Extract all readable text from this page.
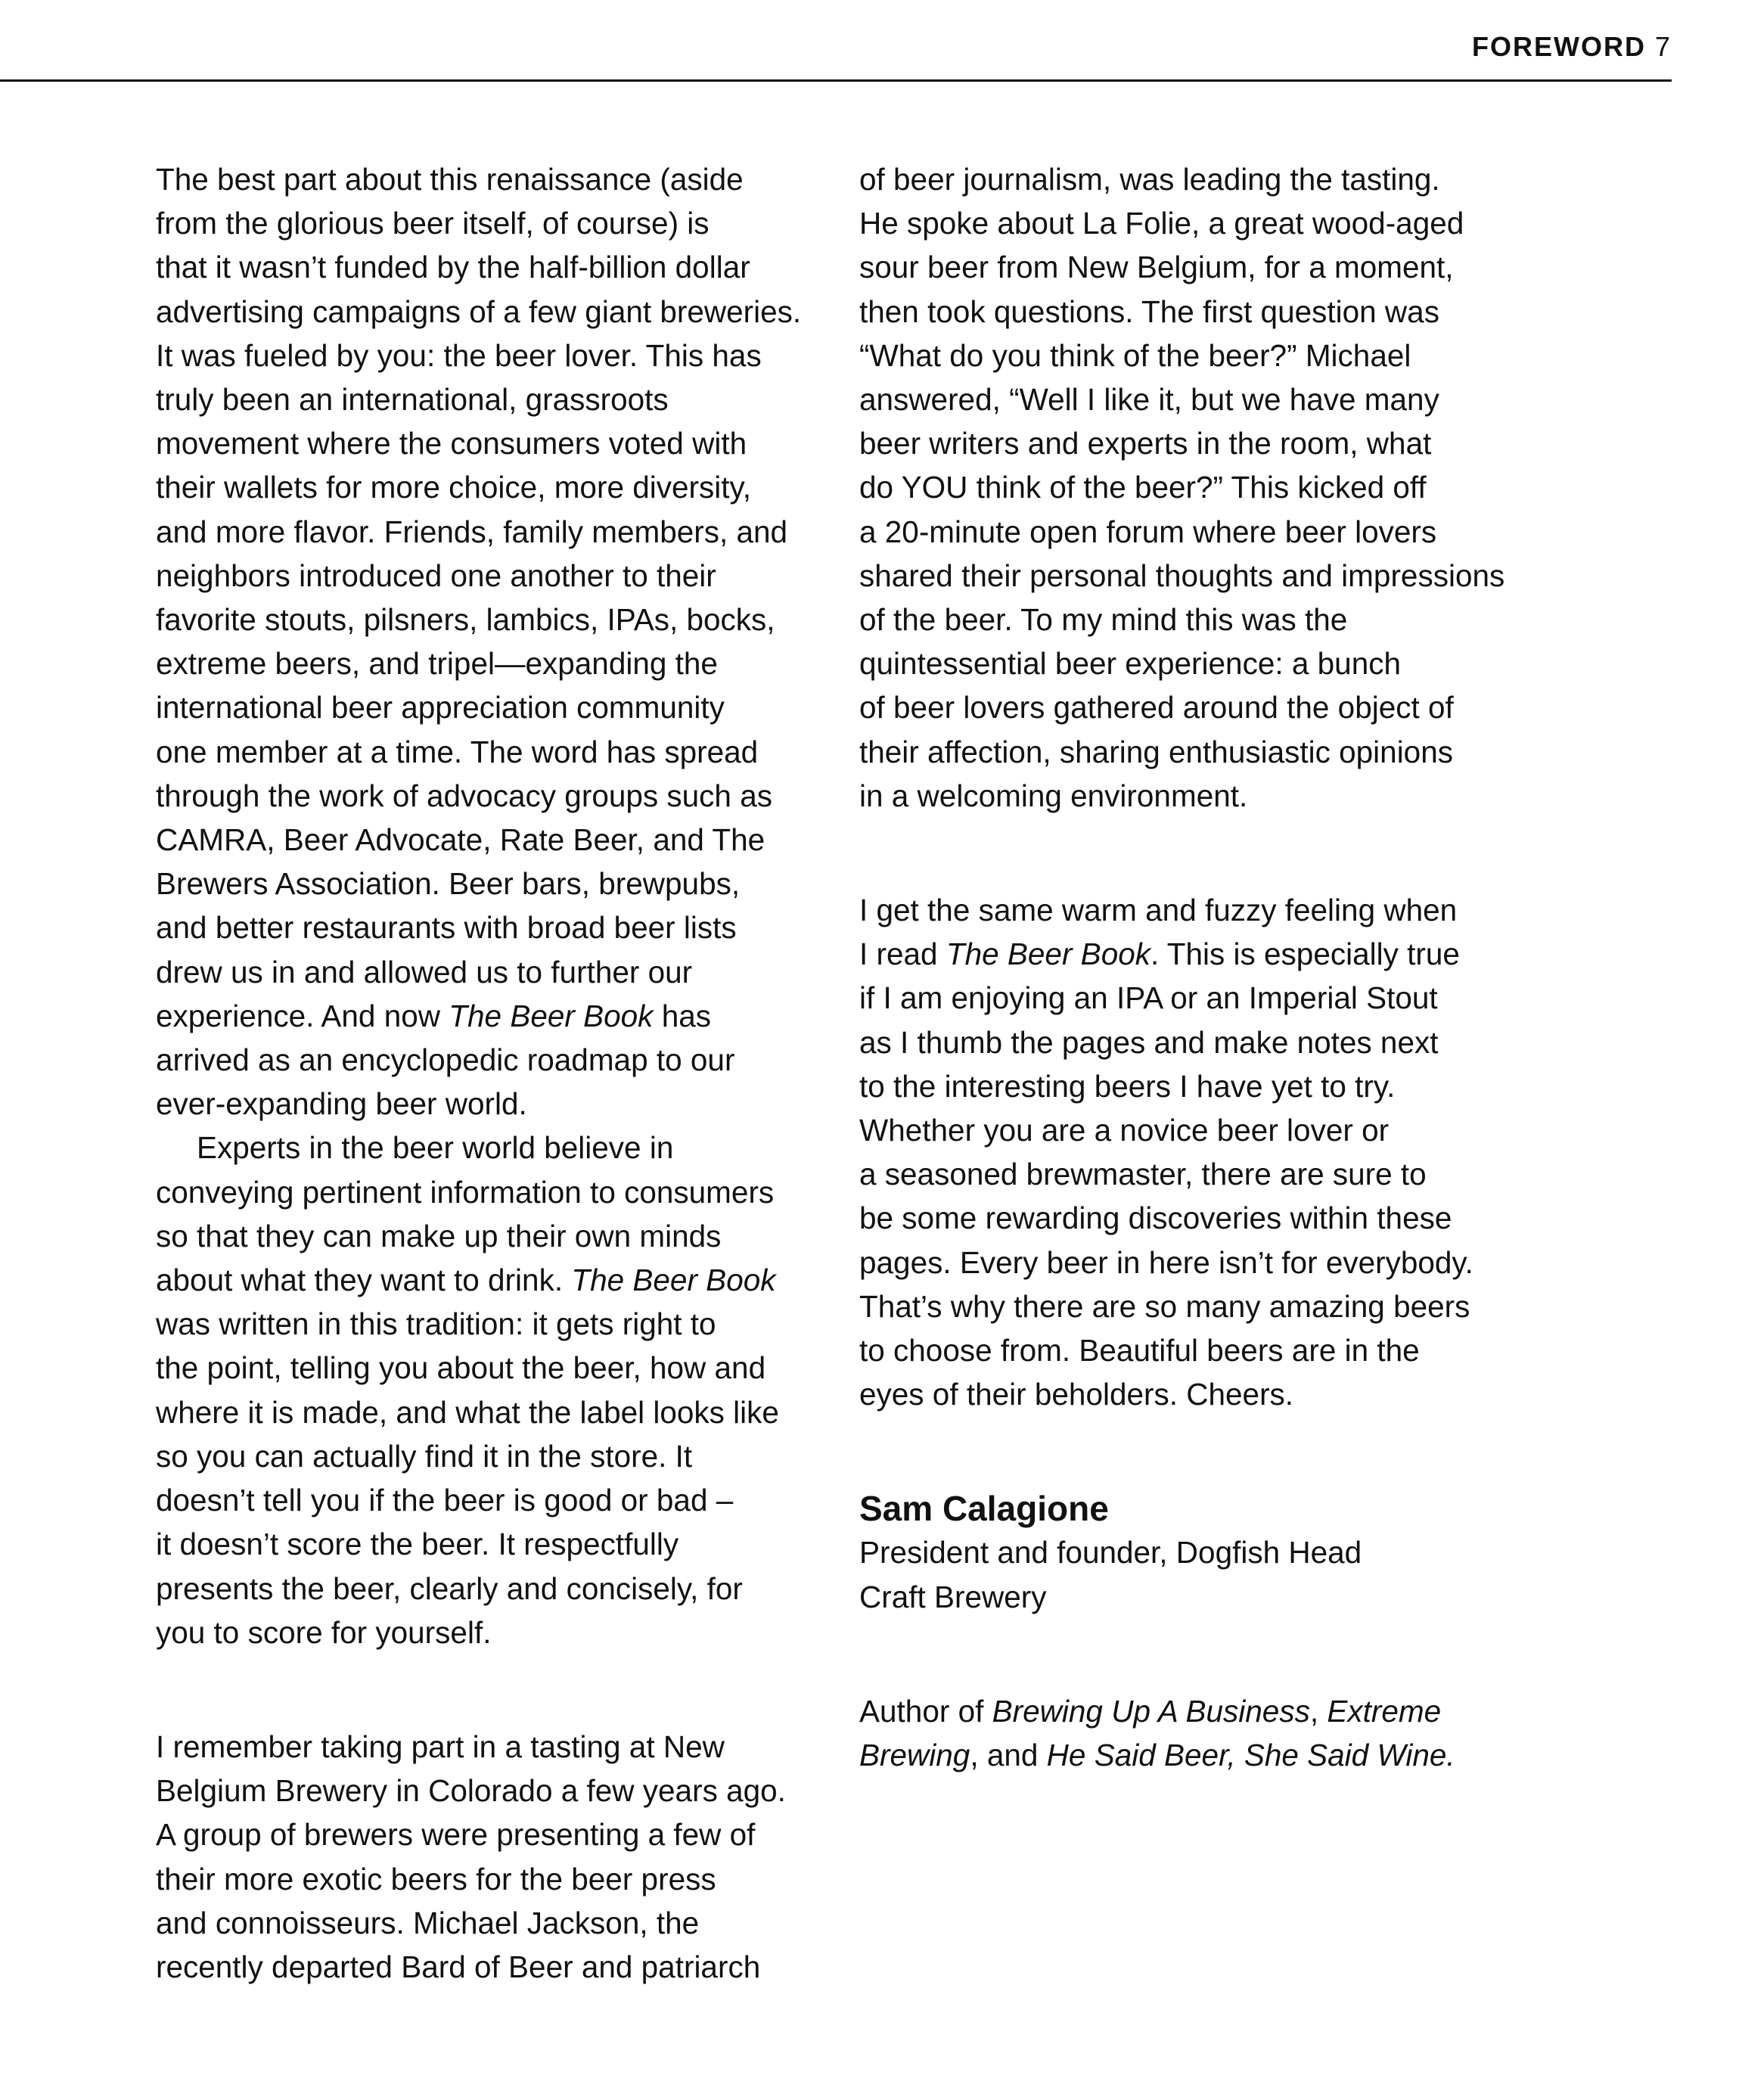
FOREWORD 7
The best part about this renaissance (aside
from the glorious beer itself, of course) is
that it wasn’t funded by the half-billion dollar
advertising campaigns of a few giant breweries.
It was fueled by you: the beer lover. This has
truly been an international, grassroots
movement where the consumers voted with
their wallets for more choice, more diversity,
and more flavor. Friends, family members, and
neighbors introduced one another to their
favorite stouts, pilsners, lambics, IPAs, bocks,
extreme beers, and tripel—expanding the
international beer appreciation community
one member at a time. The word has spread
through the work of advocacy groups such as
CAMRA, Beer Advocate, Rate Beer, and The
Brewers Association. Beer bars, brewpubs,
and better restaurants with broad beer lists
drew us in and allowed us to further our
experience. And now The Beer Book has
arrived as an encyclopedic roadmap to our
ever-expanding beer world.
Experts in the beer world believe in
conveying pertinent information to consumers
so that they can make up their own minds
about what they want to drink. The Beer Book
was written in this tradition: it gets right to
the point, telling you about the beer, how and
where it is made, and what the label looks like
so you can actually find it in the store. It
doesn’t tell you if the beer is good or bad –
it doesn’t score the beer. It respectfully
presents the beer, clearly and concisely, for
you to score for yourself.
I remember taking part in a tasting at New
Belgium Brewery in Colorado a few years ago.
A group of brewers were presenting a few of
their more exotic beers for the beer press
and connoisseurs. Michael Jackson, the
recently departed Bard of Beer and patriarch
of beer journalism, was leading the tasting.
He spoke about La Folie, a great wood-aged
sour beer from New Belgium, for a moment,
then took questions. The first question was
“What do you think of the beer?” Michael
answered, “Well I like it, but we have many
beer writers and experts in the room, what
do YOU think of the beer?” This kicked off
a 20-minute open forum where beer lovers
shared their personal thoughts and impressions
of the beer. To my mind this was the
quintessential beer experience: a bunch
of beer lovers gathered around the object of
their affection, sharing enthusiastic opinions
in a welcoming environment.
I get the same warm and fuzzy feeling when
I read The Beer Book. This is especially true
if I am enjoying an IPA or an Imperial Stout
as I thumb the pages and make notes next
to the interesting beers I have yet to try.
Whether you are a novice beer lover or
a seasoned brewmaster, there are sure to
be some rewarding discoveries within these
pages. Every beer in here isn’t for everybody.
That’s why there are so many amazing beers
to choose from. Beautiful beers are in the
eyes of their beholders. Cheers.
Sam Calagione
President and founder, Dogfish Head
Craft Brewery
Author of Brewing Up A Business, Extreme
Brewing, and He Said Beer, She Said Wine.
